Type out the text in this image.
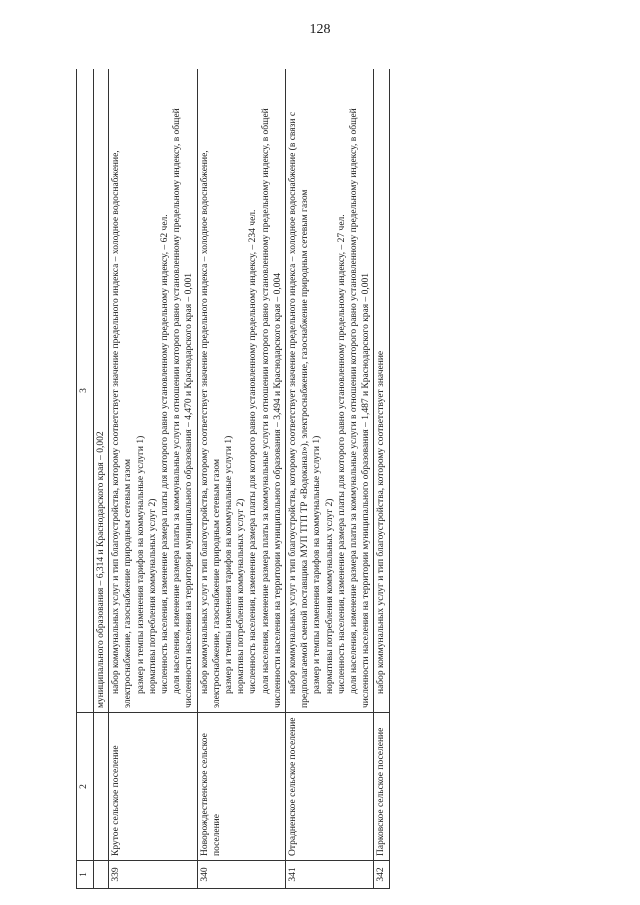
128
1	2	3
		муниципального образования – 6,314 и Краснодарского края – 0,002
339	Крутое сельское поселение	набор коммунальных услуг и тип благоустройства, которому соответствует значение предельного индекса – холодное водоснабжение, электроснабжение, газоснабжение природным сетевым газом размер и темпы изменения тарифов на коммунальные услуги 1) нормативы потребления коммунальных услуг 2) численность населения, изменение размера платы для которого равно установленному предельному индексу, – 62 чел. доля населения, изменение размера платы за коммунальные услуги в отношении которого равно установленному предельному индексу, в общей численности населения на территории муниципального образования – 4,470 и Краснодарского края – 0,001

340	Новорождественское сельское поселение	набор коммунальных услуг и тип благоустройства, которому соответствует значение предельного индекса – холодное водоснабжение, электроснабжение, газоснабжение природным сетевым газом размер и темпы изменения тарифов на коммунальные услуги 1) нормативы потребления коммунальных услуг 2) численность населения, изменение размера платы для которого равно установленному предельному индексу, – 234 чел. доля населения, изменение размера платы за коммунальные услуги в отношении которого равно установленному предельному индексу, в общей численности населения на территории муниципального образования – 3,494 и Краснодарского края – 0,004

341	Отрадненское сельское поселение	набор коммунальных услуг и тип благоустройства, которому соответствует значение предельного индекса – холодное водоснабжение (в связи с предполагаемой сменой поставщика МУП ТГП ТР «Водоканал»), электроснабжение, газоснабжение природным сетевым газом размер и темпы изменения тарифов на коммунальные услуги 1) нормативы потребления коммунальных услуг 2) численность населения, изменение размера платы для которого равно установленному предельному индексу, – 27 чел. доля населения, изменение размера платы за коммунальные услуги в отношении которого равно установленному предельному индексу, в общей численности населения на территории муниципального образования – 1,487 и Краснодарского края – 0,001

342	Парковское сельское поселение	набор коммунальных услуг и тип благоустройства, которому соответствует значение
